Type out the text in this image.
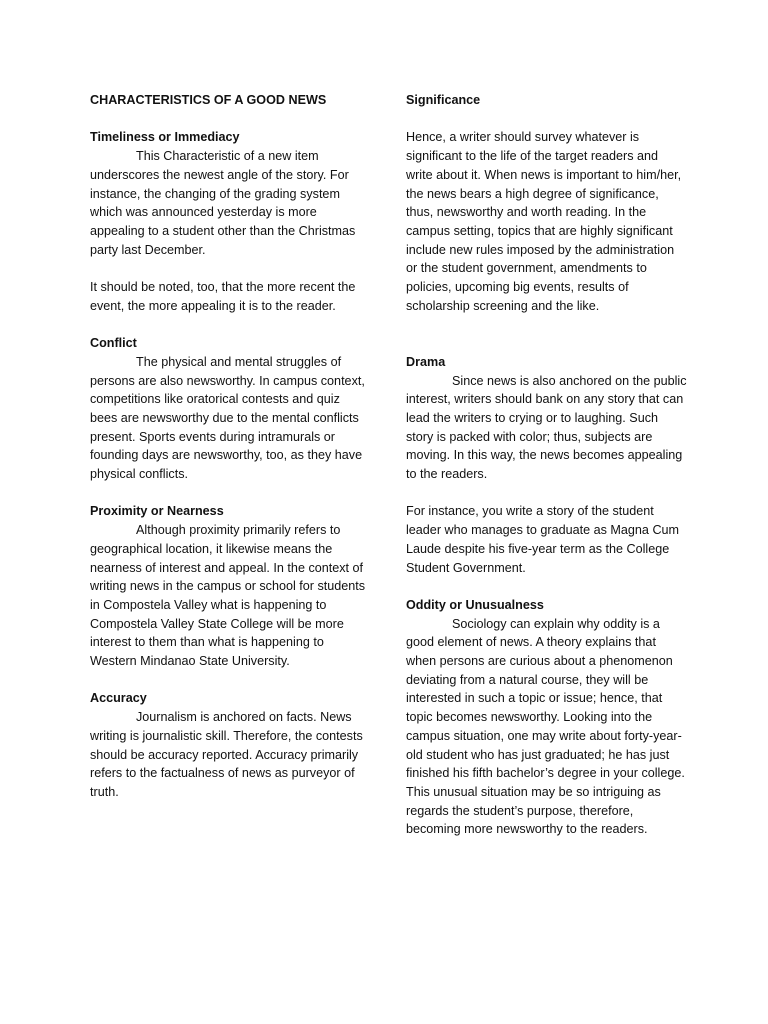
CHARACTERISTICS OF A GOOD NEWS
Timeliness or Immediacy

This Characteristic of a new item underscores the newest angle of the story. For instance, the changing of the grading system which was announced yesterday is more appealing to a student other than the Christmas party last December.

It should be noted, too, that the more recent the event, the more appealing it is to the reader.

Conflict

The physical and mental struggles of persons are also newsworthy. In campus context, competitions like oratorical contests and quiz bees are newsworthy due to the mental conflicts present. Sports events during intramurals or founding days are newsworthy, too, as they have physical conflicts.

Proximity or Nearness

Although proximity primarily refers to geographical location, it likewise means the nearness of interest and appeal. In the context of writing news in the campus or school for students in Compostela Valley what is happening to Compostela Valley State College will be more interest to them than what is happening to Western Mindanao State University.

Accuracy

Journalism is anchored on facts. News writing is journalistic skill. Therefore, the contests should be accuracy reported. Accuracy primarily refers to the factualness of news as purveyor of truth.

Significance

Hence, a writer should survey whatever is significant to the life of the target readers and write about it. When news is important to him/her, the news bears a high degree of significance, thus, newsworthy and worth reading. In the campus setting, topics that are highly significant include new rules imposed by the administration or the student government, amendments to policies, upcoming big events, results of scholarship screening and the like.

Drama

Since news is also anchored on the public interest, writers should bank on any story that can lead the writers to crying or to laughing. Such story is packed with color; thus, subjects are moving. In this way, the news becomes appealing to the readers.

For instance, you write a story of the student leader who manages to graduate as Magna Cum Laude despite his five-year term as the College Student Government.

Oddity or Unusualness

Sociology can explain why oddity is a good element of news. A theory explains that when persons are curious about a phenomenon deviating from a natural course, they will be interested in such a topic or issue; hence, that topic becomes newsworthy. Looking into the campus situation, one may write about forty-year-old student who has just graduated; he has just finished his fifth bachelor’s degree in your college. This unusual situation may be so intriguing as regards the student’s purpose, therefore, becoming more newsworthy to the readers.
